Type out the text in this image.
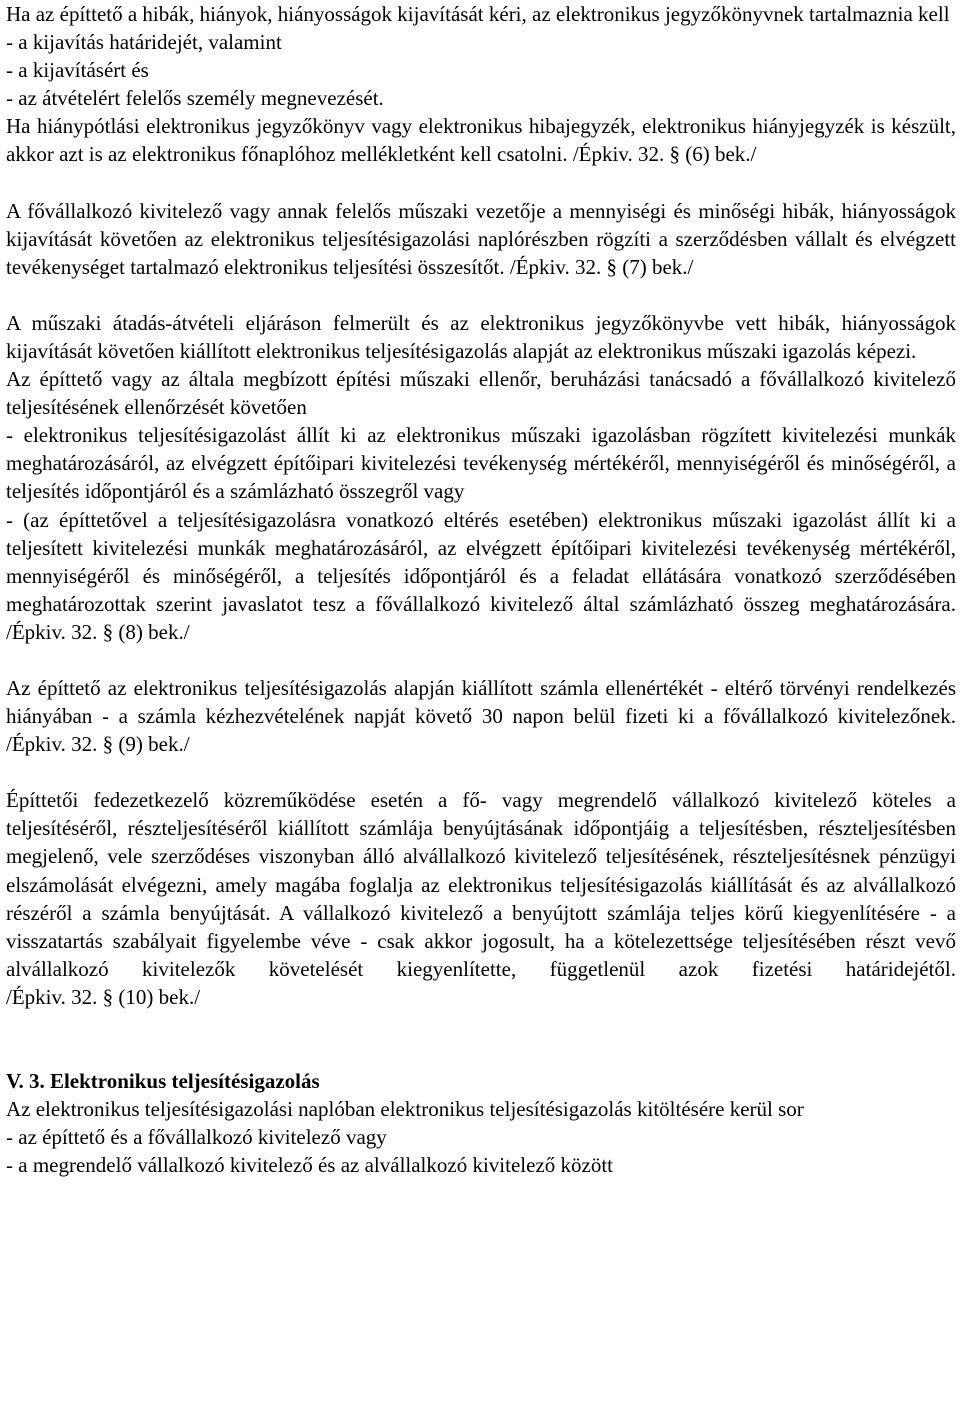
Ha az építtető a hibák, hiányok, hiányosságok kijavítását kéri, az elektronikus jegyzőkönyvnek tartalmaznia kell

- a kijavítás határidejét, valamint

- a kijavításért és

- az átvételért felelős személy megnevezését.

Ha hiánypótlási elektronikus jegyzőkönyv vagy elektronikus hibajegyzék, elektronikus hiányjegyzék is készült, akkor azt is az elektronikus főnaplóhoz mellékletként kell csatolni. /Épkiv. 32. § (6) bek./

A fővállalkozó kivitelező vagy annak felelős műszaki vezetője a mennyiségi és minőségi hibák, hiányosságok kijavítását követően az elektronikus teljesítésigazolási naplórészben rögzíti a szerződésben vállalt és elvégzett tevékenységet tartalmazó elektronikus teljesítési összesítőt. /Épkiv. 32. § (7) bek./

A műszaki átadás-átvételi eljáráson felmerült és az elektronikus jegyzőkönyvbe vett hibák, hiányosságok kijavítását követően kiállított elektronikus teljesítésigazolás alapját az elektronikus műszaki igazolás képezi.

Az építtető vagy az általa megbízott építési műszaki ellenőr, beruházási tanácsadó a fővállalkozó kivitelező teljesítésének ellenőrzését követően

- elektronikus teljesítésigazolást állít ki az elektronikus műszaki igazolásban rögzített kivitelezési munkák meghatározásáról, az elvégzett építőipari kivitelezési tevékenység mértékéről, mennyiségéről és minőségéről, a teljesítés időpontjáról és a számlázható összegről vagy

- (az építtetővel a teljesítésigazolásra vonatkozó eltérés esetében) elektronikus műszaki igazolást állít ki a teljesített kivitelezési munkák meghatározásáról, az elvégzett építőipari kivitelezési tevékenység mértékéről, mennyiségéről és minőségéről, a teljesítés időpontjáról és a feladat ellátására vonatkozó szerződésében meghatározottak szerint javaslatot tesz a fővállalkozó kivitelező által számlázható összeg meghatározására. /Épkiv. 32. § (8) bek./

Az építtető az elektronikus teljesítésigazolás alapján kiállított számla ellenértékét - eltérő törvényi rendelkezés hiányában - a számla kézhezvételének napját követő 30 napon belül fizeti ki a fővállalkozó kivitelezőnek. /Épkiv. 32. § (9) bek./

Építtetői fedezetkezelő közreműködése esetén a fő- vagy megrendelő vállalkozó kivitelező köteles a teljesítéséről, részteljesítéséről kiállított számlája benyújtásának időpontjáig a teljesítésben, részteljesítésben megjelenő, vele szerződéses viszonyban álló alvállalkozó kivitelező teljesítésének, részteljesítésnek pénzügyi elszámolását elvégezni, amely magába foglalja az elektronikus teljesítésigazolás kiállítását és az alvállalkozó részéről a számla benyújtását. A vállalkozó kivitelező a benyújtott számlája teljes körű kiegyenlítésére - a visszatartás szabályait figyelembe véve - csak akkor jogosult, ha a kötelezettsége teljesítésében részt vevő alvállalkozó kivitelezők követelését kiegyenlítette, függetlenül azok fizetési határidejétől. /Épkiv. 32. § (10) bek./

V. 3. Elektronikus teljesítésigazolás

Az elektronikus teljesítésigazolási naplóban elektronikus teljesítésigazolás kitöltésére kerül sor

- az építtető és a fővállalkozó kivitelező vagy

- a megrendelő vállalkozó kivitelező és az alvállalkozó kivitelező között
